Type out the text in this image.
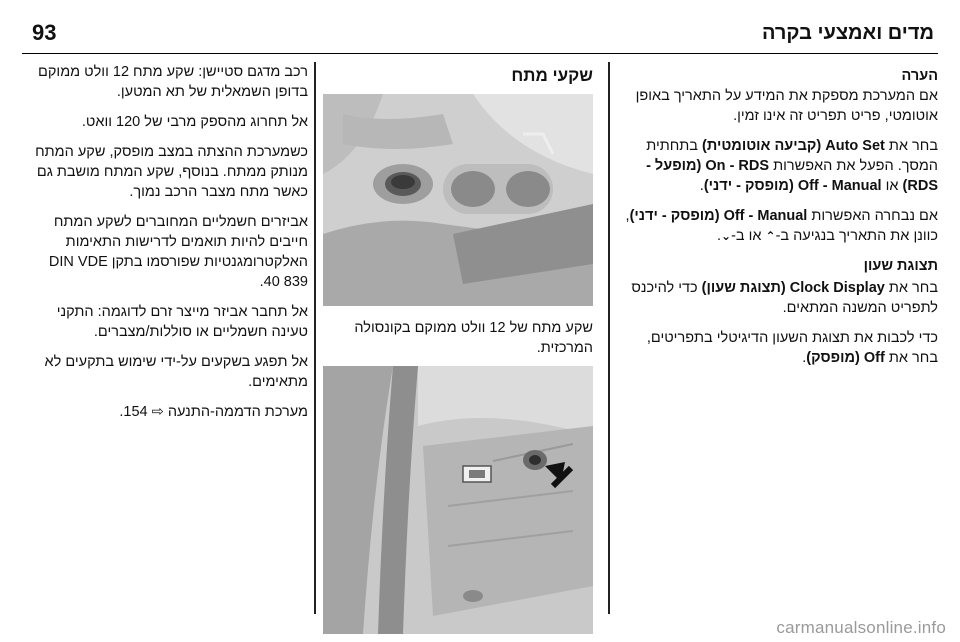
93	מדים ואמצעי בקרה
הערה

אם המערכת מספקת את המידע על התאריך באופן אוטומטי, פריט תפריט זה אינו זמין.

בחר את Auto Set (קביעה אוטומטית) בתחתית המסך. הפעל את האפשרות On - RDS (מופעל - RDS) או Off - Manual (מופסק - ידני).

אם נבחרה האפשרות Off - Manual (מופסק - ידני), כוונן את התאריך בנגיעה ב-⌃ או ב-⌄.

תצוגת שעון

בחר את Clock Display (תצוגת שעון) כדי להיכנס לתפריט המשנה המתאים.

כדי לכבות את תצוגת השעון הדיגיטלי בתפריטים, בחר את Off (מופסק).

שקעי מתח
שקע מתח של 12 וולט ממוקם בקונסולה המרכזית.

רכב מדגם סטיישן: שקע מתח 12 וולט ממוקם בדופן השמאלית של תא המטען.

אל תחרוג מהספק מרבי של 120 וואט.

כשמערכת ההצתה במצב מופסק, שקע המתח מנותק ממתח. בנוסף, שקע המתח מושבת גם כאשר מתח מצבר הרכב נמוך.

אביזרים חשמליים המחוברים לשקע המתח חייבים להיות תואמים לדרישות התאימות האלקטרומגנטיות שפורסמו בתקן DIN VDE 40 839.

אל תחבר אביזר מייצר זרם לדוגמה: התקני טעינה חשמליים או סוללות/מצברים.

אל תפגע בשקעים על-ידי שימוש בתקעים לא מתאימים.

מערכת הדממה-התנעה ⇨ 154.

carmanualsonline.info
